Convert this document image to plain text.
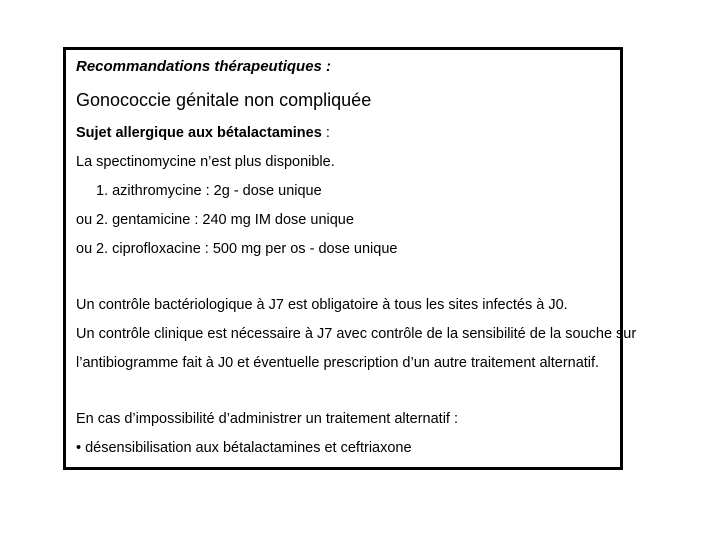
Recommandations thérapeutiques :
Gonococcie génitale non compliquée
Sujet allergique aux bétalactamines :
La spectinomycine n’est plus disponible.
1. azithromycine : 2g - dose unique
ou 2. gentamicine : 240 mg IM dose unique
ou 2. ciprofloxacine : 500 mg per os - dose unique
Un contrôle bactériologique à J7 est obligatoire à tous les sites infectés à J0.
Un contrôle clinique est nécessaire à J7 avec contrôle de la sensibilité de la souche sur
l’antibiogramme fait à J0 et éventuelle prescription d’un autre traitement alternatif.
En cas d’impossibilité d’administrer un traitement alternatif :
• désensibilisation aux bétalactamines et ceftriaxone
